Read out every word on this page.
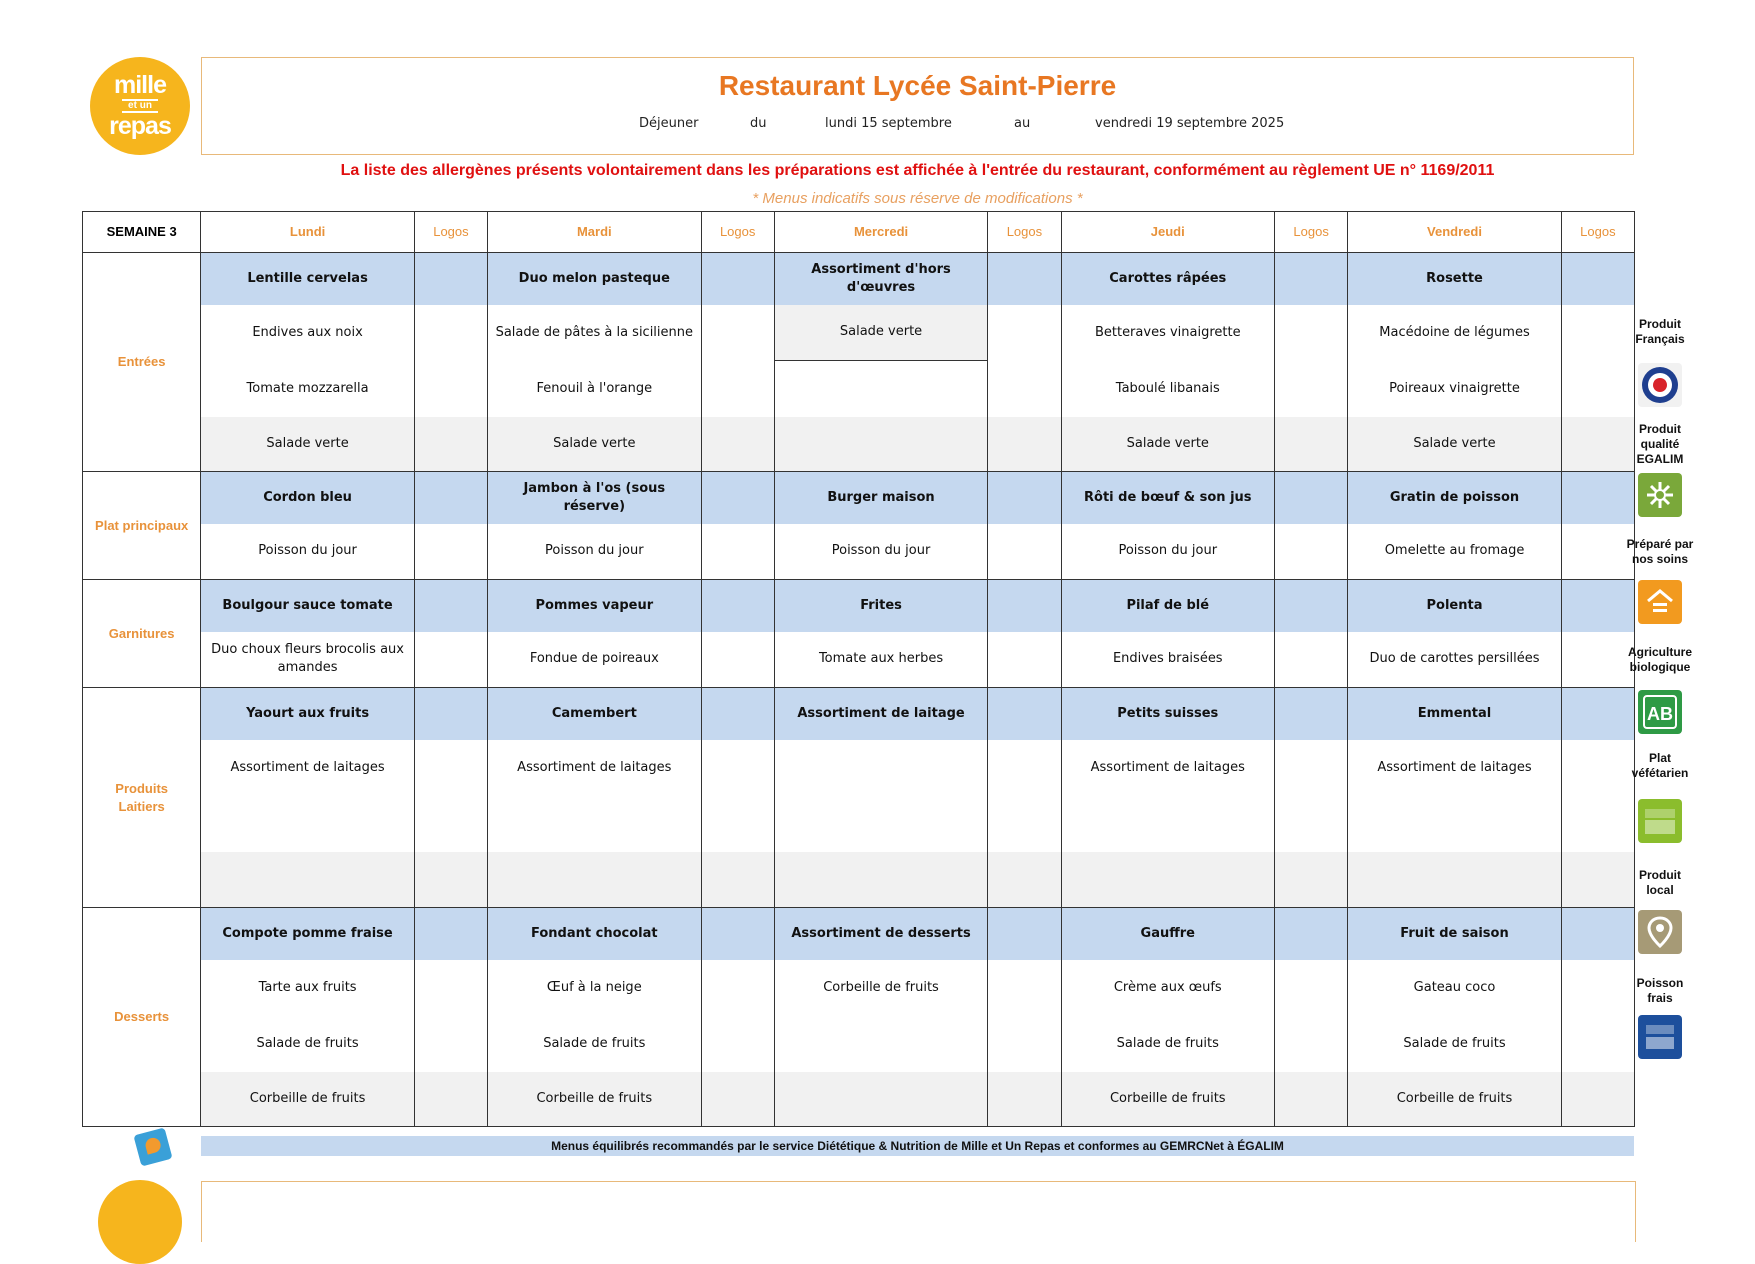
mille
et un
repas
Restaurant Lycée Saint-Pierre
Déjeuner	du	lundi 15 septembre	au	vendredi 19 septembre 2025
La liste des allergènes présents volontairement dans les préparations est affichée à l'entrée du restaurant, conformément au règlement UE n° 1169/2011
* Menus indicatifs sous réserve de modifications *
SEMAINE 3	Lundi	Logos	Mardi	Logos	Mercredi	Logos	Jeudi	Logos	Vendredi	Logos
Entrées	Lentille cervelas		Duo melon pasteque		Assortiment d'hors d'œuvres		Carottes râpées		Rosette	
	Endives aux noix		Salade de pâtes à la sicilienne		Salade verte		Betteraves vinaigrette		Macédoine de légumes	
	Tomate mozzarella		Fenouil à l'orange				Taboulé libanais		Poireaux vinaigrette	
	Salade verte		Salade verte				Salade verte		Salade verte	
Plat principaux	Cordon bleu		Jambon à l'os (sous réserve)		Burger maison		Rôti de bœuf & son jus		Gratin de poisson	
	Poisson du jour		Poisson du jour		Poisson du jour		Poisson du jour		Omelette au fromage	
Garnitures	Boulgour sauce tomate		Pommes vapeur		Frites		Pilaf de blé		Polenta	
	Duo choux fleurs brocolis aux amandes		Fondue de poireaux		Tomate aux herbes		Endives braisées		Duo de carottes persillées	
Produits
Laitiers	Yaourt aux fruits		Camembert		Assortiment de laitage		Petits suisses		Emmental	
	Assortiment de laitages		Assortiment de laitages				Assortiment de laitages		Assortiment de laitages	

Desserts	Compote pomme fraise		Fondant chocolat		Assortiment de desserts		Gauffre		Fruit de saison	
	Tarte aux fruits		Œuf à la neige		Corbeille de fruits		Crème aux œufs		Gateau coco	
	Salade de fruits		Salade de fruits				Salade de fruits		Salade de fruits	
	Corbeille de fruits		Corbeille de fruits				Corbeille de fruits		Corbeille de fruits	
Produit Français
Produit qualité EGALIM
Préparé par nos soins
Agriculture biologique
AB
Plat véfétarien
Produit local
Poisson frais
Menus équilibrés recommandés par le service Diététique & Nutrition de Mille et Un Repas et conformes au GEMRCNet à ÉGALIM
